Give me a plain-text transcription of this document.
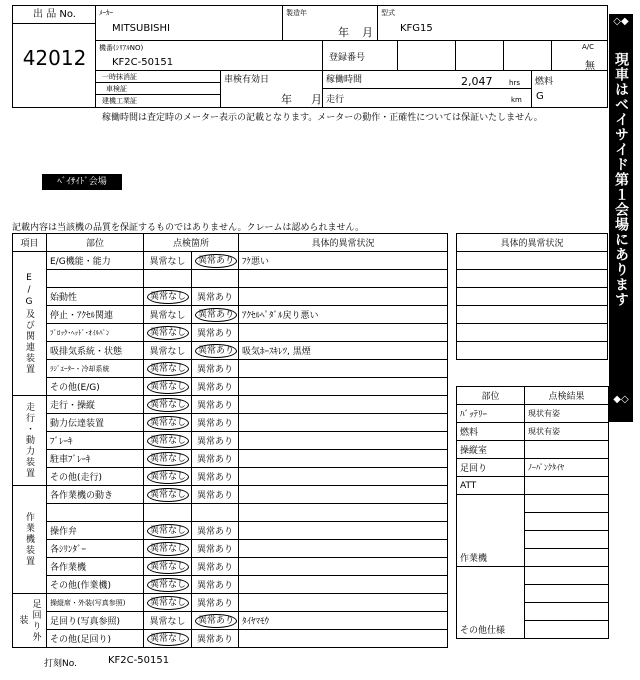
出 品 No.
42012
ﾒｰｶｰ
MITSUBISHI
製造年
年 月
型式
KFG15
機番(ｼﾘｱﾙNO)
KF2C-50151	登録番号
A/C
無
一時抹消証
車検証
建機工業証
車検有効日
年 月
稼働時間	2,047 hrs
走行	km
燃料
G
稼働時間は査定時のメーター表示の記載となります。メーターの動作・正確性については保証いたしません。
◇◆
現車はベイサイド第１会場にあります
◆◇
ﾍﾞｲｻｲﾄﾞ会場
記載内容は当該機の品質を保証するものではありません。クレームは認められません。
項目	部位	点検箇所		具体的異常状況

E/G及び関連装置	E/G機能・能力	異常なし	異常あり	ﾌｹ悪い

	始動性	異常なし	異常あり	
	停止・ｱｸｾﾙ関連	異常なし	異常あり	ｱｸｾﾙﾍﾟﾀﾞﾙ戻り悪い
	ﾌﾞﾛｯｸ･ﾍｯﾄﾞ･ｵｲﾙﾊﾟﾝ	異常なし	異常あり	
	吸排気系統・状態	異常なし	異常あり	吸気ﾎｰｽｷﾚﾂ, 黒煙
	ﾗｼﾞｴｰﾀｰ・冷却系統	異常なし	異常あり	
	その他(E/G)	異常なし	異常あり	

走行・動力装置	走行・操縦	異常なし	異常あり	
	動力伝達装置	異常なし	異常あり	
	ﾌﾞﾚｰｷ	異常なし	異常あり	
	駐車ﾌﾞﾚｰｷ	異常なし	異常あり	
	その他(走行)	異常なし	異常あり	

作業機装置	各作業機の動き	異常なし	異常あり	

	操作弁	異常なし	異常あり	
	各ｼﾘﾝﾀﾞｰ	異常なし	異常あり	
	各作業機	異常なし	異常あり	
	その他(作業機)	異常なし	異常あり	

足回り外装	操縦席・外装(写真参照)	異常なし	異常あり	
	足回り(写真参照)	異常なし	異常あり	ﾀｲﾔﾏﾓｳ
	その他(足回り)	異常なし	異常あり	
具体的異常状況

部位	点検結果
ﾊﾞｯﾃﾘｰ	現状有姿
燃料	現状有姿
操縦室	
足回り	ﾉｰﾊﾟﾝｸﾀｲﾔ
ATT	

作業機	

その他仕様	
打刻No.	KF2C-50151
